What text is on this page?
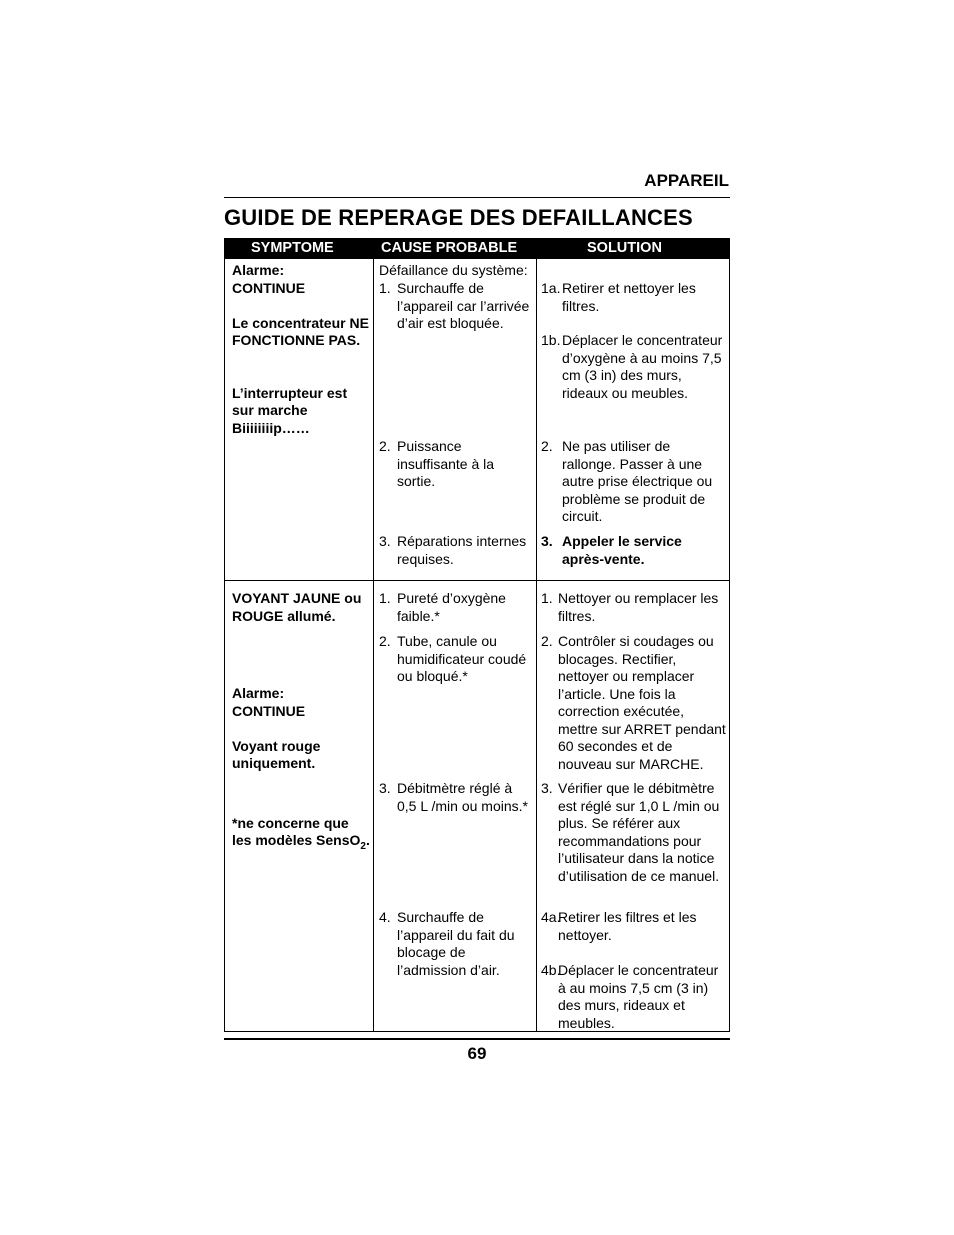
APPAREIL
GUIDE DE REPERAGE DES DEFAILLANCES
SYMPTOME	CAUSE PROBABLE	SOLUTION
Alarme:
CONTINUE
Le concentrateur NE FONCTIONNE PAS.
L’interrupteur est sur marche Biiiiiiiip……
Défaillance du système:
1. Surchauffe de l’appareil car l’arrivée d’air est bloquée.
2. Puissance insuffisante à la sortie.
3. Réparations internes requises.
1a. Retirer et nettoyer les filtres.
1b. Déplacer le concentrateur d’oxygène à au moins 7,5 cm (3 in) des murs, rideaux ou meubles.
2. Ne pas utiliser de rallonge. Passer à une autre prise électrique ou problème se produit de circuit.
3. Appeler le service après-vente.
VOYANT JAUNE ou ROUGE allumé.
Alarme:
CONTINUE
Voyant rouge uniquement.
*ne concerne que les modèles SensO$_2$.
1. Pureté d’oxygène faible.*
2. Tube, canule ou humidificateur coudé ou bloqué.*
3. Débitmètre réglé à 0,5 L /min ou moins.*
4. Surchauffe de l’appareil du fait du blocage de l’admission d’air.
1. Nettoyer ou remplacer les filtres.
2. Contrôler si coudages ou blocages. Rectifier, nettoyer ou remplacer l’article. Une fois la correction exécutée, mettre sur ARRET pendant 60 secondes et de nouveau sur MARCHE.
3. Vérifier que le débitmètre est réglé sur 1,0 L /min ou plus. Se référer aux recommandations pour l’utilisateur dans la notice d’utilisation de ce manuel.
4a.
Retirer les filtres et les nettoyer.
4b.
Déplacer le concentrateur à au moins 7,5 cm (3 in) des murs, rideaux et meubles.
69
